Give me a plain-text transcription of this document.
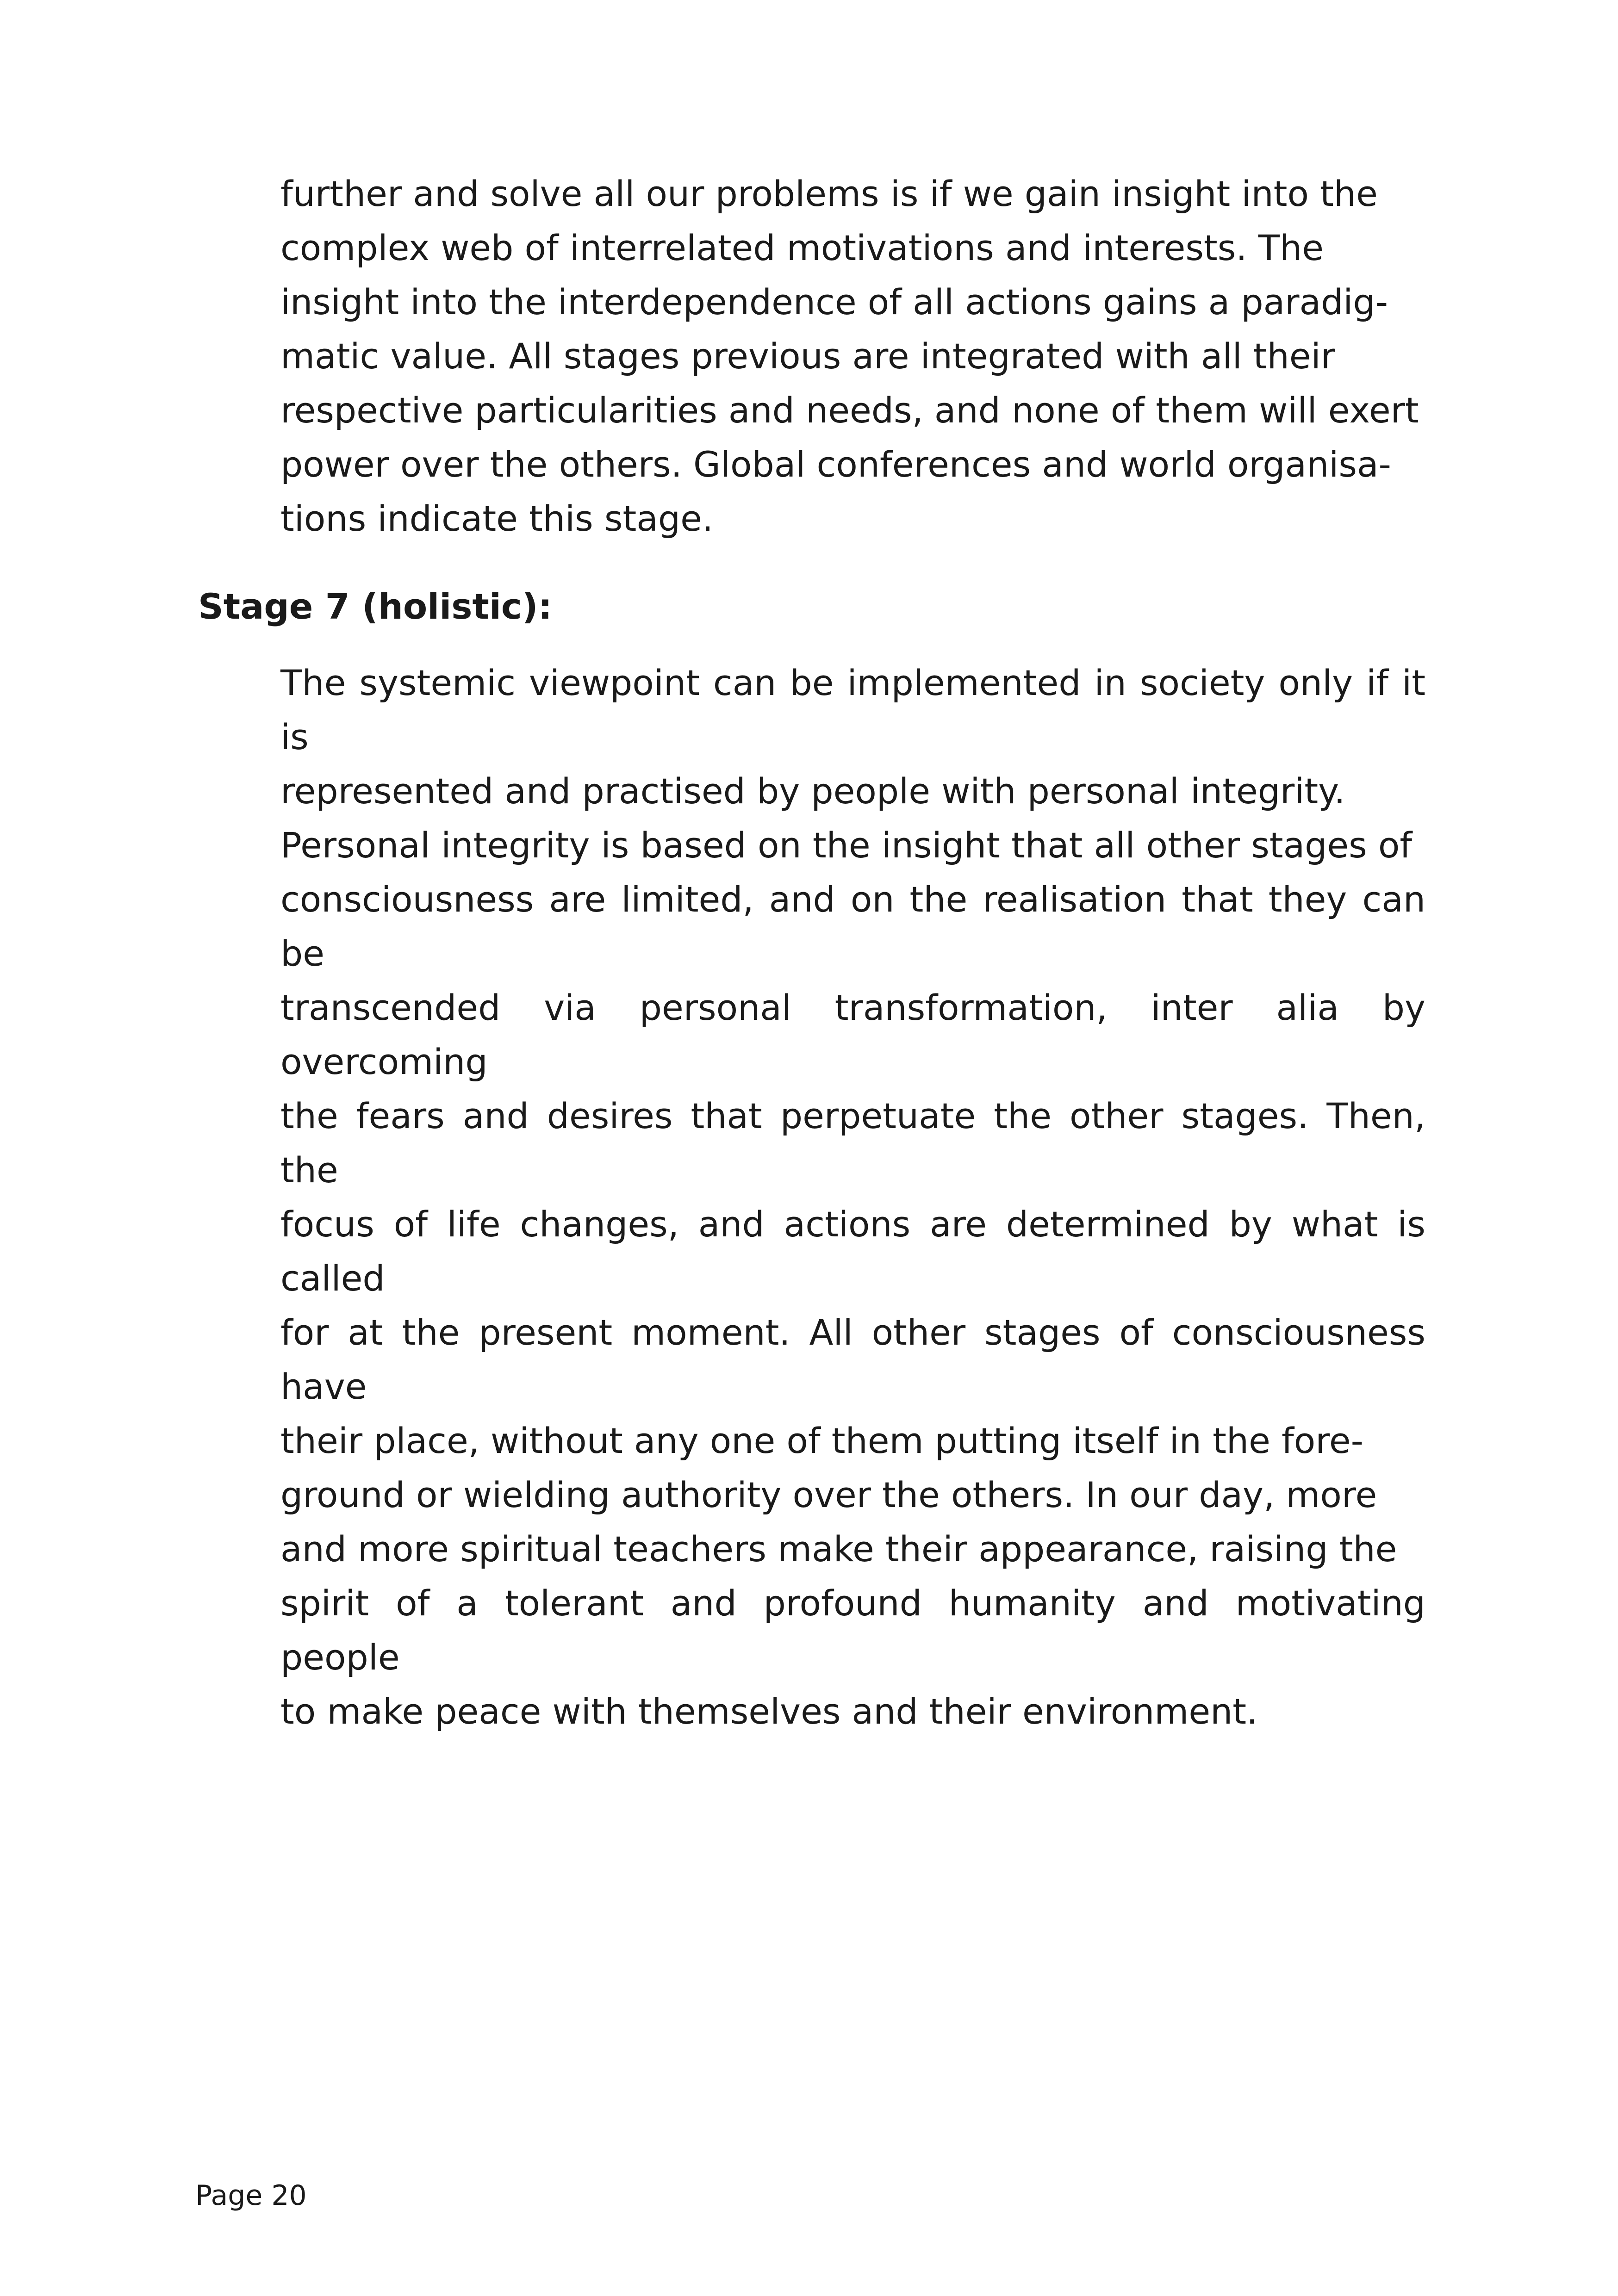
further and solve all our problems is if we gain insight into the
complex web of interrelated motivations and interests. The
insight into the interdependence of all actions gains a paradig-
matic value. All stages previous are integrated with all their
respective particularities and needs, and none of them will exert
power over the others. Global conferences and world organisa-
tions indicate this stage.

Stage 7 (holistic):

The systemic viewpoint can be implemented in society only if it is
represented and practised by people with personal integrity.
Personal integrity is based on the insight that all other stages of
consciousness are limited, and on the realisation that they can be
transcended via personal transformation, inter alia by overcoming
the fears and desires that perpetuate the other stages. Then, the
focus of life changes, and actions are determined by what is called
for at the present moment. All other stages of consciousness have
their place, without any one of them putting itself in the fore-
ground or wielding authority over the others. In our day, more
and more spiritual teachers make their appearance, raising the
spirit of a tolerant and profound humanity and motivating people
to make peace with themselves and their environment.

Page 20
